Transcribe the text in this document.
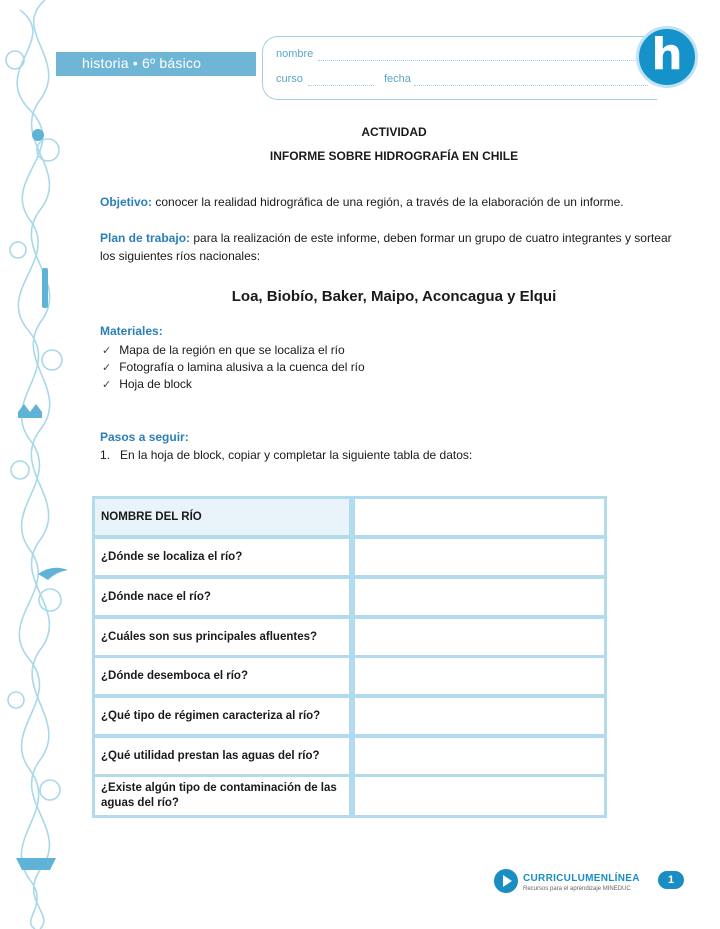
historia • 6º básico
nombre
curso	fecha	h
ACTIVIDAD
INFORME SOBRE HIDROGRAFÍA EN CHILE
Objetivo: conocer la realidad hidrográfica de una región, a través de la elaboración de un informe.
Plan de trabajo: para la realización de este informe, deben formar un grupo de cuatro integrantes y sortear los siguientes ríos nacionales:
Loa, Biobío, Baker, Maipo, Aconcagua y Elqui
Materiales:
✓ Mapa de la región en que se localiza el río
✓ Fotografía o lamina alusiva a la cuenca del río
✓ Hoja de block
Pasos a seguir:
1.   En la hoja de block, copiar y completar la siguiente tabla de datos:
NOMBRE DEL RÍO
¿Dónde se localiza el río?
¿Dónde nace el río?
¿Cuáles son sus principales afluentes?
¿Dónde desemboca el río?
¿Qué tipo de régimen caracteriza al río?
¿Qué utilidad prestan las aguas del río?
¿Existe algún tipo de contaminación de las aguas del río?
CURRICULUMENLÍNEA
Recursos para el aprendizaje MINEDUC
1
